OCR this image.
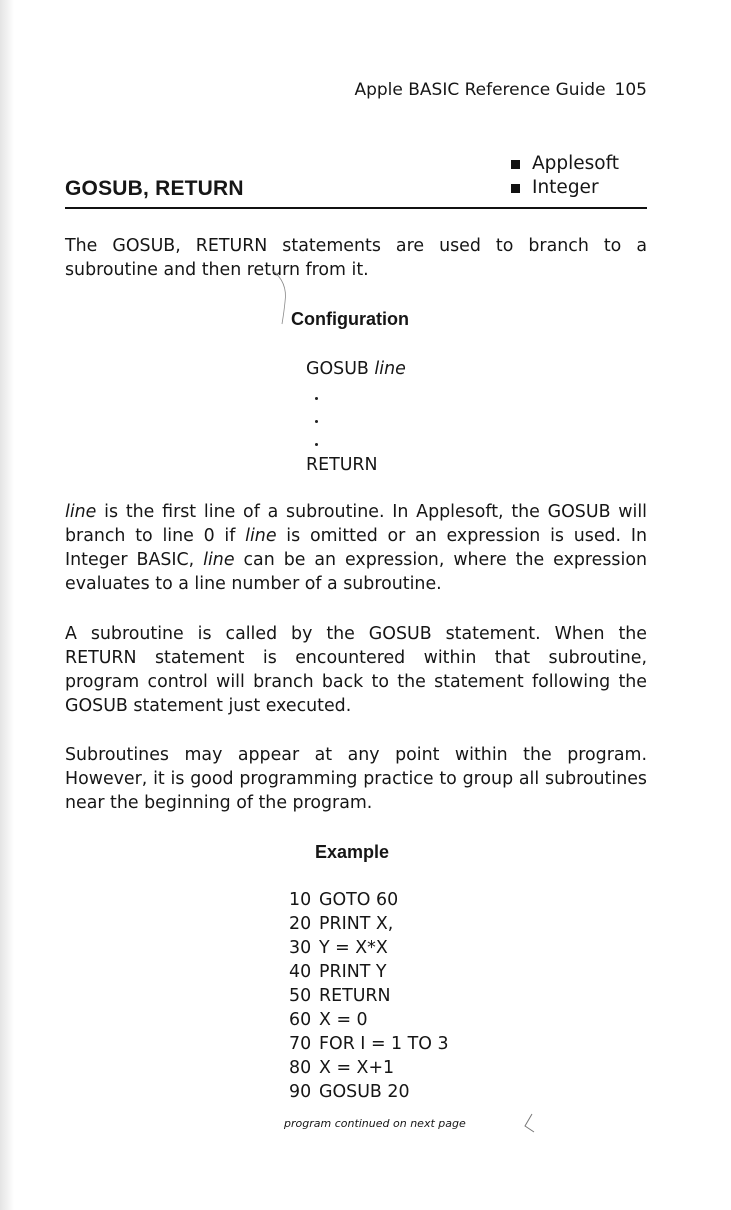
Apple BASIC Reference Guide 105
GOSUB, RETURN
Applesoft
Integer
The GOSUB, RETURN statements are used to branch to a
subroutine and then return from it.
Configuration
GOSUB line
RETURN

line is the first line of a subroutine. In Applesoft, the GOSUB will branch to line 0 if line is omitted or an expression is used. In Integer BASIC, line can be an expression, where the expression evaluates to a line number of a subroutine.

A subroutine is called by the GOSUB statement. When the RETURN statement is encountered within that subroutine, program control will branch back to the statement following the GOSUB statement just executed.

Subroutines may appear at any point within the program. However, it is good programming practice to group all subroutines near the beginning of the program.

Example
10 GOTO 60
20 PRINT X,
30 Y = X*X
40 PRINT Y
50 RETURN
60 X = 0
70 FOR I = 1 TO 3
80 X = X+1
90 GOSUB 20
program continued on next page
